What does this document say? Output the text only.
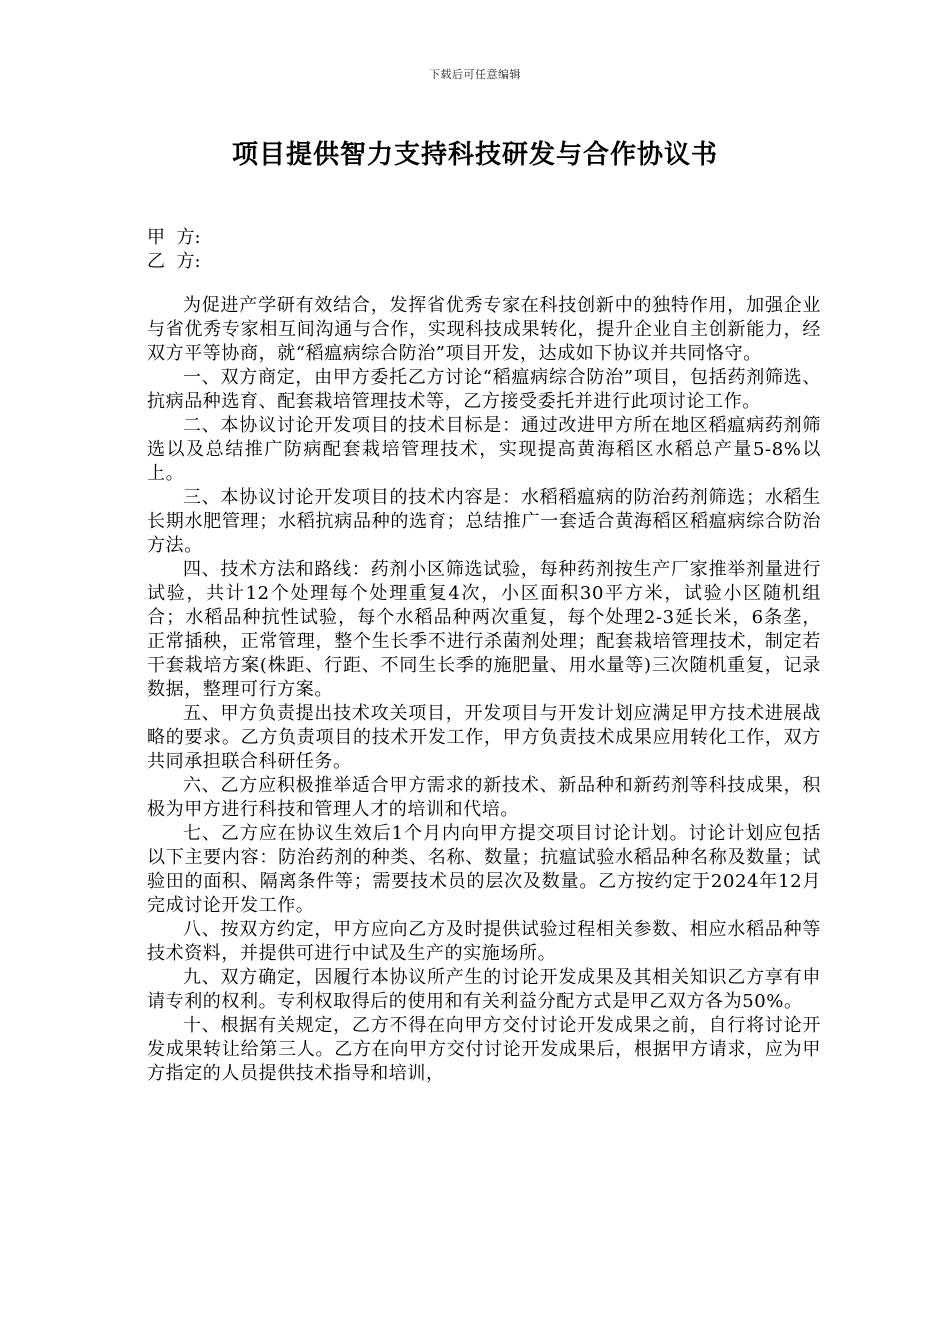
下载后可任意编辑
项目提供智力支持科技研发与合作协议书
甲  方:
乙  方:

为促进产学研有效结合，发挥省优秀专家在科技创新中的独特作用，加强企业与省优秀专家相互间沟通与合作，实现科技成果转化，提升企业自主创新能力，经双方平等协商，就“稻瘟病综合防治”项目开发，达成如下协议并共同恪守。

一、双方商定，由甲方委托乙方讨论“稻瘟病综合防治”项目，包括药剂筛选、抗病品种选育、配套栽培管理技术等，乙方接受委托并进行此项讨论工作。

二、本协议讨论开发项目的技术目标是：通过改进甲方所在地区稻瘟病药剂筛选以及总结推广防病配套栽培管理技术，实现提高黄海稻区水稻总产量5-8%以上。

三、本协议讨论开发项目的技术内容是：水稻稻瘟病的防治药剂筛选；水稻生长期水肥管理；水稻抗病品种的选育；总结推广一套适合黄海稻区稻瘟病综合防治方法。

四、技术方法和路线：药剂小区筛选试验，每种药剂按生产厂家推举剂量进行试验，共计12个处理每个处理重复4次，小区面积30平方米，试验小区随机组合；水稻品种抗性试验，每个水稻品种两次重复，每个处理2-3延长米，6条垄，正常插秧，正常管理，整个生长季不进行杀菌剂处理；配套栽培管理技术，制定若干套栽培方案(株距、行距、不同生长季的施肥量、用水量等)三次随机重复，记录数据，整理可行方案。

五、甲方负责提出技术攻关项目，开发项目与开发计划应满足甲方技术进展战略的要求。乙方负责项目的技术开发工作，甲方负责技术成果应用转化工作，双方共同承担联合科研任务。

六、乙方应积极推举适合甲方需求的新技术、新品种和新药剂等科技成果，积极为甲方进行科技和管理人才的培训和代培。

七、乙方应在协议生效后1个月内向甲方提交项目讨论计划。讨论计划应包括以下主要内容：防治药剂的种类、名称、数量；抗瘟试验水稻品种名称及数量；试验田的面积、隔离条件等；需要技术员的层次及数量。乙方按约定于2024年12月完成讨论开发工作。

八、按双方约定，甲方应向乙方及时提供试验过程相关参数、相应水稻品种等技术资料，并提供可进行中试及生产的实施场所。

九、双方确定，因履行本协议所产生的讨论开发成果及其相关知识乙方享有申请专利的权利。专利权取得后的使用和有关利益分配方式是甲乙双方各为50%。

十、根据有关规定，乙方不得在向甲方交付讨论开发成果之前，自行将讨论开发成果转让给第三人。乙方在向甲方交付讨论开发成果后，根据甲方请求，应为甲方指定的人员提供技术指导和培训，
